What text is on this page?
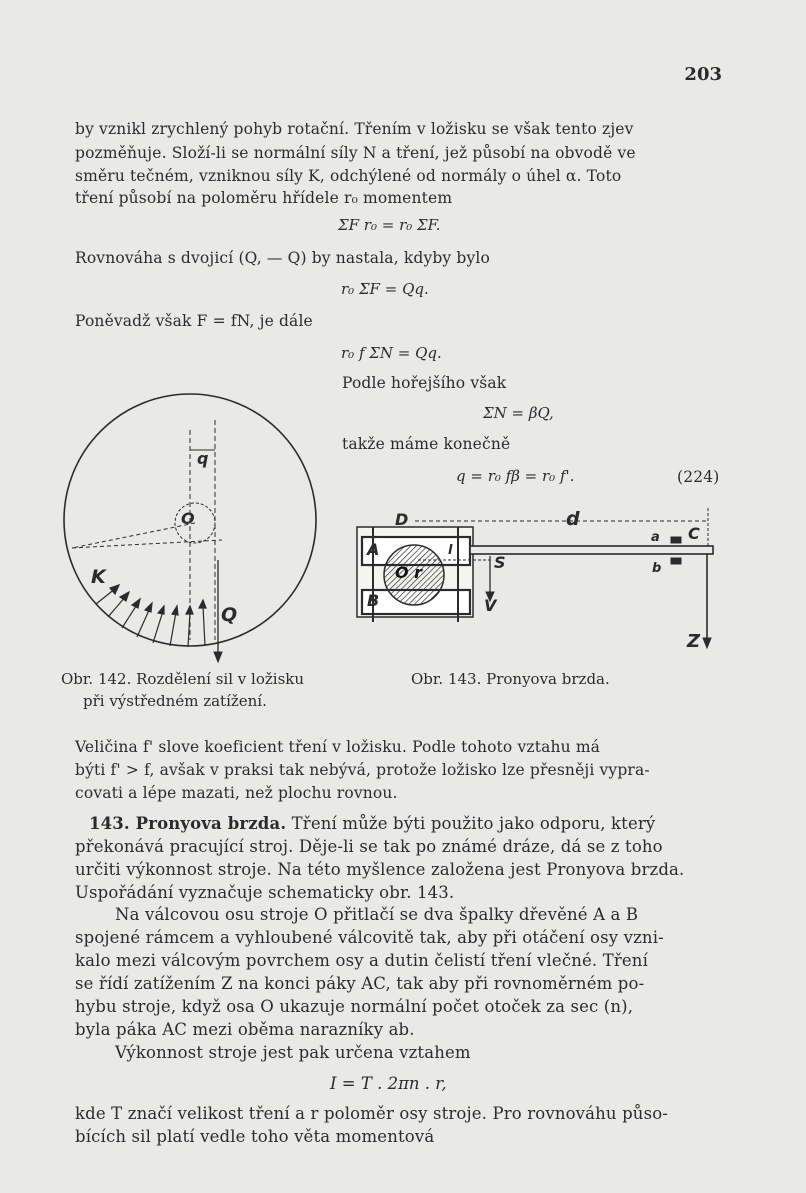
203
by vznikl zrychlený pohyb rotační. Třením v ložisku se však tento zjev
pozměňuje. Složí-li se normální síly N a tření, jež působí na obvodě ve
směru tečném, vzniknou síly K, odchýlené od normály o úhel α. Toto
tření působí na poloměru hřídele r₀ momentem
ΣF r₀ = r₀ ΣF.
Rovnováha s dvojicí (Q, — Q) by nastala, kdyby bylo
r₀ ΣF = Qq.
Poněvadž však F = fN, je dále
r₀ f ΣN = Qq.
Podle hořejšího však
ΣN = βQ,
takže máme konečně
q = r₀ fβ = r₀ f'.	(224)
q
O
K
Q
D	d
a C
A	l
S	b
O r
B	V
Z
Obr. 142. Rozdělení sil v ložisku
při výstředném zatížení.
Obr. 143. Pronyova brzda.
Veličina f' slove koeficient tření v ložisku. Podle tohoto vztahu má
býti f' > f, avšak v praksi tak nebývá, protože ložisko lze přesněji vypra-
covati a lépe mazati, než plochu rovnou.
143. Pronyova brzda. Tření může býti použito jako odporu, který
překonává pracující stroj. Děje-li se tak po známé dráze, dá se z toho
určiti výkonnost stroje. Na této myšlence založena jest Pronyova brzda.
Uspořádání vyznačuje schematicky obr. 143.
Na válcovou osu stroje O přitlačí se dva špalky dřevěné A a B
spojené rámcem a vyhloubené válcovitě tak, aby při otáčení osy vzni-
kalo mezi válcovým povrchem osy a dutin čelistí tření vlečné. Tření
se řídí zatížením Z na konci páky AC, tak aby při rovnoměrném po-
hybu stroje, když osa O ukazuje normální počet otoček za sec (n),
byla páka AC mezi oběma narazníky ab.
Výkonnost stroje jest pak určena vztahem
I = T . 2πn . r,
kde T značí velikost tření a r poloměr osy stroje. Pro rovnováhu půso-
bících sil platí vedle toho věta momentová
